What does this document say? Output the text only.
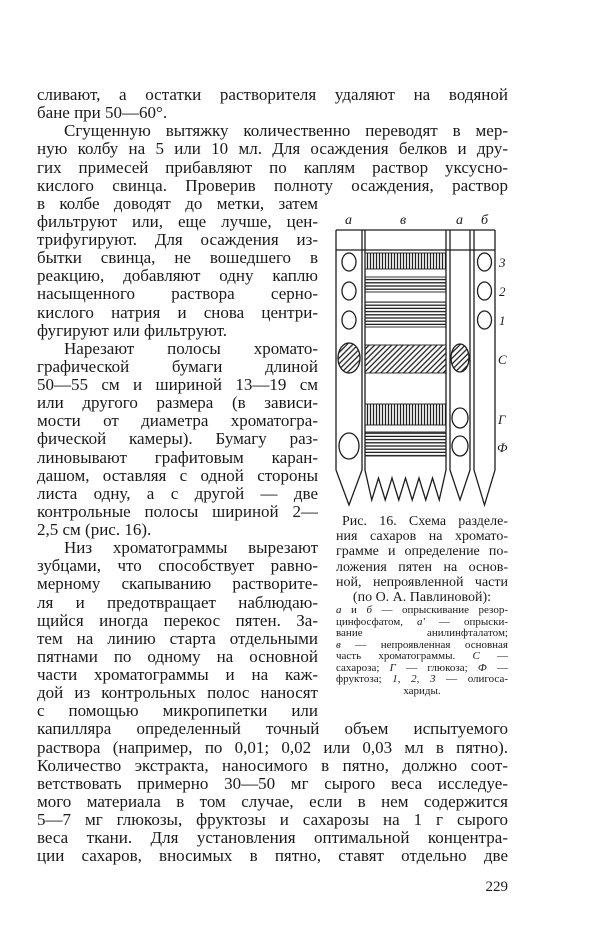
сливают, а остатки растворителя удаляют на водяной
бане при 50—60°.
Сгущенную вытяжку количественно переводят в мер-
ную колбу на 5 или 10 мл. Для осаждения белков и дру-
гих примесей прибавляют по каплям раствор уксусно-
кислого свинца. Проверив полноту осаждения, раствор
в колбе доводят до метки, затем
фильтруют или, еще лучше, цен-
трифугируют. Для осаждения из-
бытки свинца, не вошедшего в
реакцию, добавляют одну каплю
насыщенного раствора серно-
кислого натрия и снова центри-
фугируют или фильтруют.
Нарезают полосы хромато-
графической бумаги длиной
50—55 см и шириной 13—19 см
или другого размера (в зависи-
мости от диаметра хроматогра-
фической камеры). Бумагу раз-
линовывают графитовым каран-
дашом, оставляя с одной стороны
листа одну, а с другой — две
контрольные полосы шириной 2—
2,5 см (рис. 16).
Низ хроматограммы вырезают
зубцами, что способствует равно-
мерному скапыванию растворите-
ля и предотвращает наблюдаю-
щийся иногда перекос пятен. За-
тем на линию старта отдельными
пятнами по одному на основной
части хроматограммы и на каж-
дой из контрольных полос наносят
с помощью микропипетки или
капилляра определенный точный объем испытуемого
раствора (например, по 0,01; 0,02 или 0,03 мл в пятно).
Количество экстракта, наносимого в пятно, должно соот-
ветствовать примерно 30—50 мг сырого веса исследуе-
мого материала в том случае, если в нем содержится
5—7 мг глюкозы, фруктозы и сахарозы на 1 г сырого
веса ткани. Для установления оптимальной концентра-
ции сахаров, вносимых в пятно, ставят отдельно две
а	в	а б
3
2
1
С
Г
Ф
Рис. 16. Схема разделе-
ния сахаров на хромато-
грамме и определение по-
ложения пятен на основ-
ной, непроявленной части
(по О. А. Павлиновой):
а и б — опрыскивание резор-
цинфосфатом, а' — опрыски-
вание анилинфталатом;
в — непроявленная основная
часть хроматограммы. С —
сахароза; Г — глюкоза; Ф —
фруктоза; 1, 2, 3 — олигоса-
хариды.
229
